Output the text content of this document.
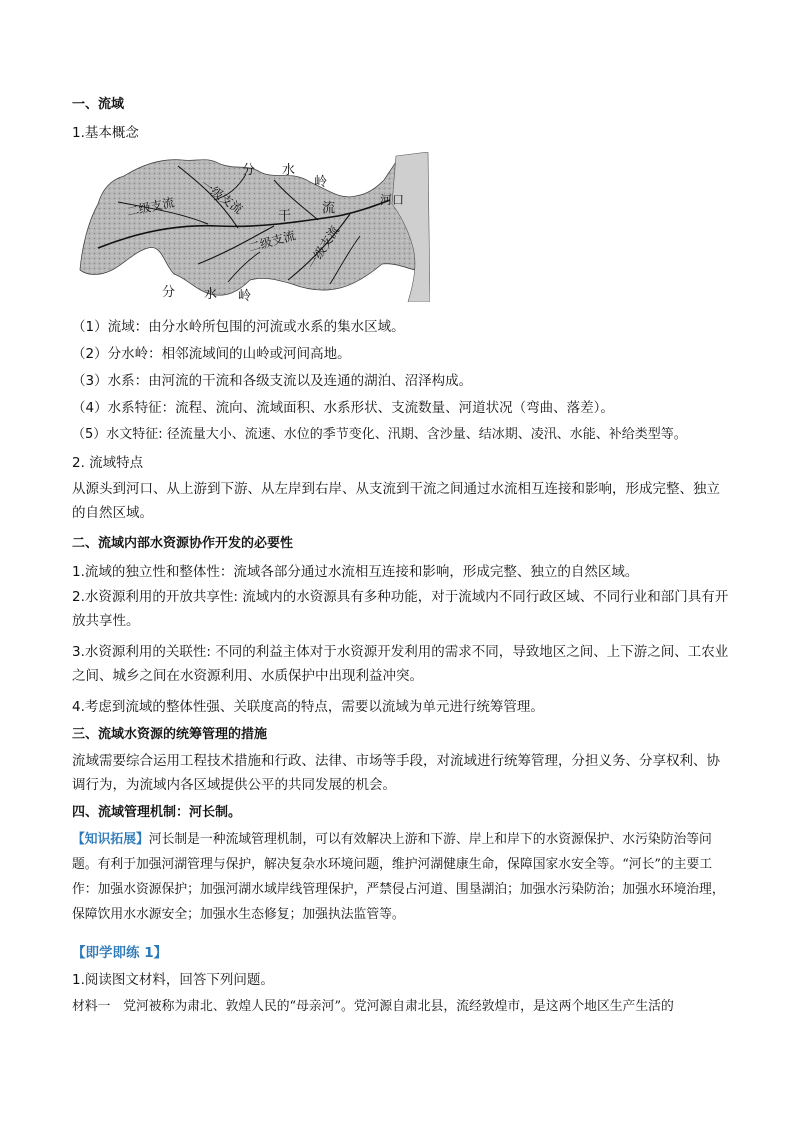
一、流域
1.基本概念
分 水
岭
一级支流
二级支流	干
流
河口
二级支流 一级支流
分 水 岭
（1）流域：由分水岭所包围的河流或水系的集水区域。
（2）分水岭：相邻流域间的山岭或河间高地。
（3）水系：由河流的干流和各级支流以及连通的湖泊、沼泽构成。
（4）水系特征：流程、流向、流域面积、水系形状、支流数量、河道状况（弯曲、落差）。
（5）水文特征: 径流量大小、流速、水位的季节变化、汛期、含沙量、结冰期、凌汛、水能、补给类型等。
2. 流域特点
从源头到河口、从上游到下游、从左岸到右岸、从支流到干流之间通过水流相互连接和影响，形成完整、独立的自然区域。
二、流域内部水资源协作开发的必要性
1.流域的独立性和整体性：流域各部分通过水流相互连接和影响，形成完整、独立的自然区域。
2.水资源利用的开放共享性: 流域内的水资源具有多种功能，对于流域内不同行政区域、不同行业和部门具有开放共享性。
3.水资源利用的关联性: 不同的利益主体对于水资源开发利用的需求不同，导致地区之间、上下游之间、工农业之间、城乡之间在水资源利用、水质保护中出现利益冲突。
4.考虑到流域的整体性强、关联度高的特点，需要以流域为单元进行统筹管理。
三、流域水资源的统筹管理的措施
流域需要综合运用工程技术措施和行政、法律、市场等手段，对流域进行统筹管理，分担义务、分享权利、协调行为，为流域内各区域提供公平的共同发展的机会。
四、流域管理机制：河长制。
【知识拓展】河长制是一种流域管理机制，可以有效解决上游和下游、岸上和岸下的水资源保护、水污染防治等问题。有利于加强河湖管理与保护，解决复杂水环境问题，维护河湖健康生命，保障国家水安全等。“河长”的主要工作：加强水资源保护；加强河湖水域岸线管理保护，严禁侵占河道、围垦湖泊；加强水污染防治；加强水环境治理，保障饮用水水源安全；加强水生态修复；加强执法监管等。
【即学即练 1】
1.阅读图文材料，回答下列问题。
材料一　党河被称为肃北、敦煌人民的“母亲河”。党河源自肃北县，流经敦煌市，是这两个地区生产生活的
